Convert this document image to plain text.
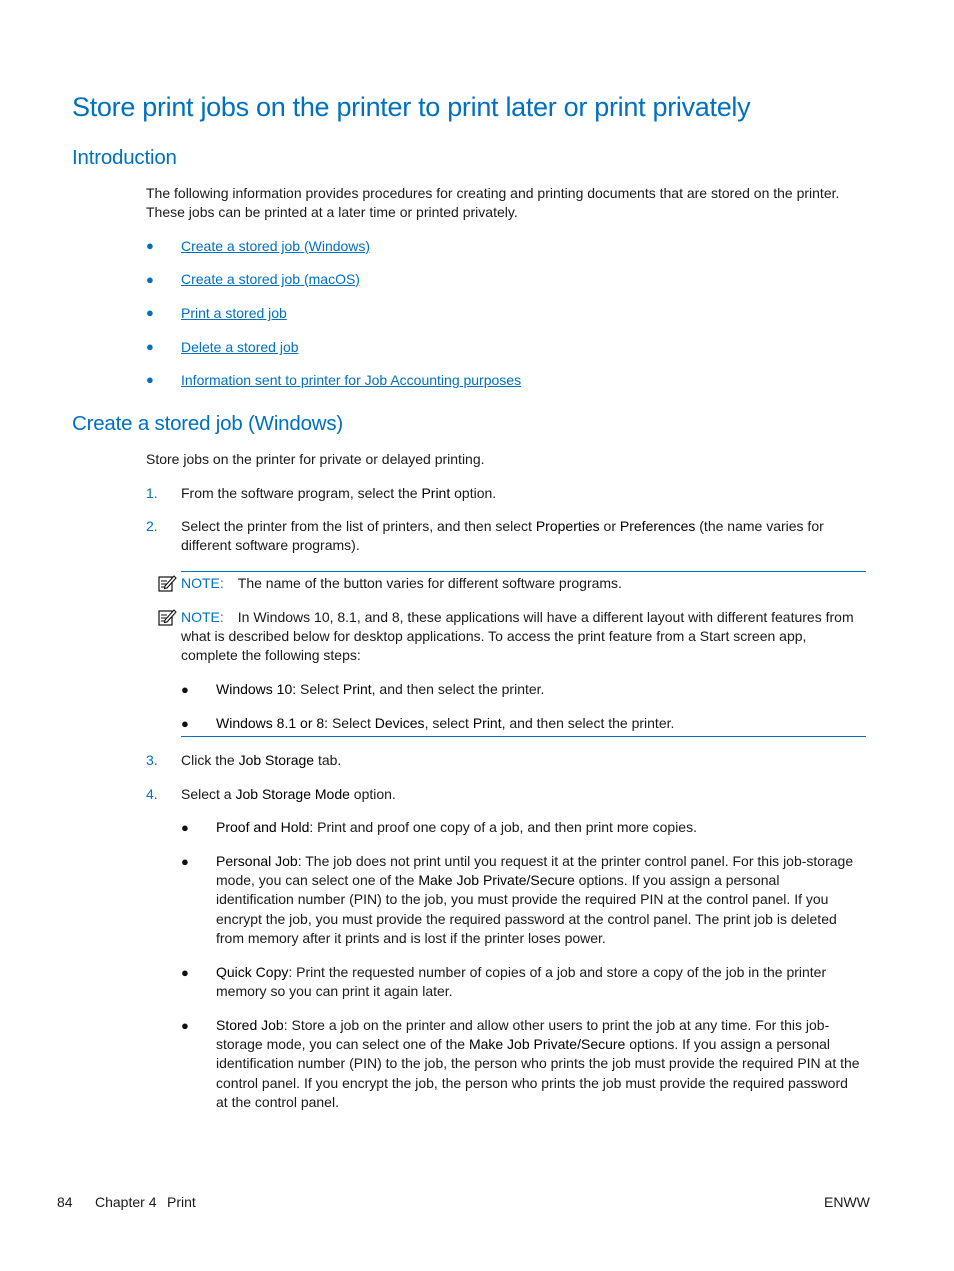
Store print jobs on the printer to print later or print privately
Introduction

The following information provides procedures for creating and printing documents that are stored on the printer. These jobs can be printed at a later time or printed privately.

● Create a stored job (Windows)
● Create a stored job (macOS)
● Print a stored job
● Delete a stored job
● Information sent to printer for Job Accounting purposes
Create a stored job (Windows)

Store jobs on the printer for private or delayed printing.

1. From the software program, select the Print option.

2. Select the printer from the list of printers, and then select Properties or Preferences (the name varies for different software programs).

NOTE: The name of the button varies for different software programs.

NOTE: In Windows 10, 8.1, and 8, these applications will have a different layout with different features from what is described below for desktop applications. To access the print feature from a Start screen app, complete the following steps:

● Windows 10: Select Print, and then select the printer.

● Windows 8.1 or 8: Select Devices, select Print, and then select the printer.

3. Click the Job Storage tab.

4. Select a Job Storage Mode option.

● Proof and Hold: Print and proof one copy of a job, and then print more copies.

● Personal Job: The job does not print until you request it at the printer control panel. For this job-storage mode, you can select one of the Make Job Private/Secure options. If you assign a personal identification number (PIN) to the job, you must provide the required PIN at the control panel. If you encrypt the job, you must provide the required password at the control panel. The print job is deleted from memory after it prints and is lost if the printer loses power.

● Quick Copy: Print the requested number of copies of a job and store a copy of the job in the printer memory so you can print it again later.

● Stored Job: Store a job on the printer and allow other users to print the job at any time. For this job-storage mode, you can select one of the Make Job Private/Secure options. If you assign a personal identification number (PIN) to the job, the person who prints the job must provide the required PIN at the control panel. If you encrypt the job, the person who prints the job must provide the required password at the control panel.

84 Chapter 4 Print	ENWW
